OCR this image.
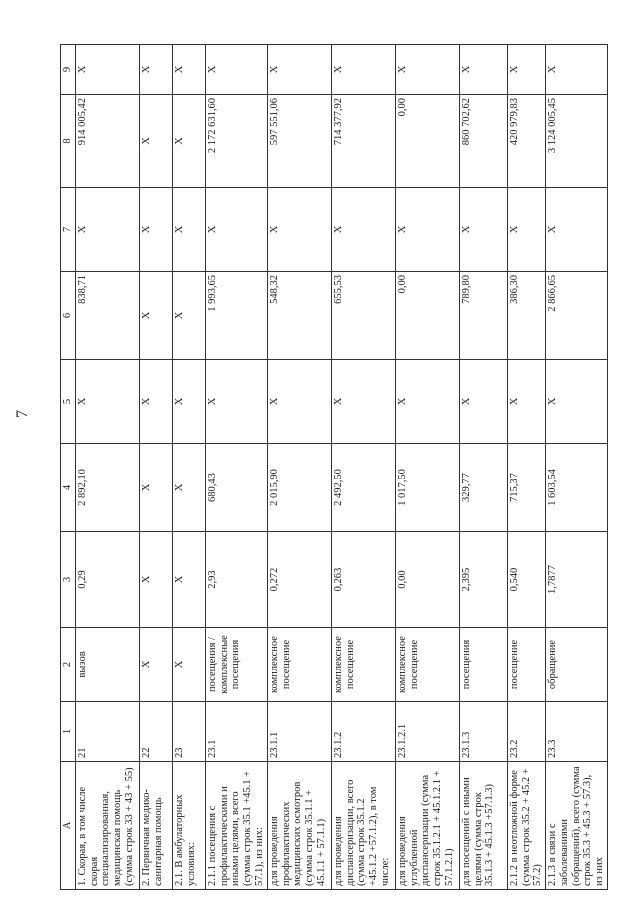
7
А	1	2	3	4	5	6	7	8	9
1. Скорая, в том числе скорая специализированная, медицинская помощь (сумма строк 33 + 43 + 55)	21	вызов	0,29	2 892,10	Х	838,71	Х	914 005,42	Х
2. Первичная медико-санитарная помощь	22	Х	Х	Х	Х	Х	Х	Х	Х
2.1. В амбулаторных условиях:	23	Х	Х	Х	Х	Х	Х	Х	Х
2.1.1 посещения с профилактическими и иными целями, всего (сумма строк 35.1 +45.1 + 57.1), из них:	23.1	посещения / комплексные посещения	2,93	680,43	Х	1 993,65	Х	2 172 631,60	Х
для проведения профилактических медицинских осмотров (сумма строк 35.1.1 + 45.1.1 + 57.1.1)	23.1.1	комплексное посещение	0,272	2 015,90	Х	548,32	Х	597 551,06	Х
для проведения диспансеризации, всего (сумма строк 35.1.2 +45.1.2 +57.1.2), в том числе:	23.1.2	комплексное посещение	0,263	2 492,50	Х	655,53	Х	714 377,92	Х
для проведения углубленной диспансеризации (сумма строк 35.1.2.1 + 45.1.2.1 + 57.1.2.1)	23.1.2.1	комплексное посещение	0,00	1 017,50	Х	0,00	Х	0,00	Х
для посещений с иными целями (сумма строк 35.1.3 + 45.1.3 +57.1.3)	23.1.3	посещения	2,395	329,77	Х	789,80	Х	860 702,62	Х
2.1.2 в неотложной форме (сумма строк 35.2 + 45.2 + 57.2)	23.2	посещение	0,540	715,37	Х	386,30	Х	420 979,83	Х
2.1.3 в связи с заболеваниями (обращений), всего (сумма строк 35.3 + 45.3 + 57.3), из них	23.3	обращение	1,7877	1 603,54	Х	2 866,65	Х	3 124 005,45	Х
